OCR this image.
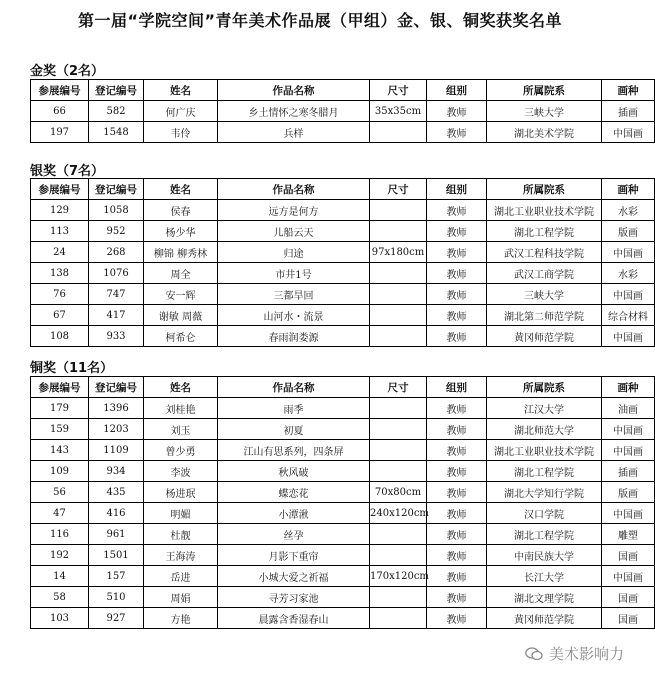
第一届“学院空间”青年美术作品展（甲组）金、银、铜奖获奖名单
金奖（2名）
参展编号	登记编号	姓名	作品名称	尺寸	组别	所属院系	画种
66	582	何广庆	乡土情怀之寒冬腊月	35x35cm	教师	三峡大学	插画
197	1548	韦伶	兵样		教师	湖北美术学院	中国画
银奖（7名）
参展编号	登记编号	姓名	作品名称	尺寸	组别	所属院系	画种
129	1058	侯春	远方是何方		教师	湖北工业职业技术学院	水彩
113	952	杨少华	儿船云天		教师	湖北工程学院	版画
24	268	柳锦 柳秀林	归途	97x180cm	教师	武汉工程科技学院	中国画
138	1076	周全	市井1号		教师	武汉工商学院	水彩
76	747	安一辉	三都旱回		教师	三峡大学	中国画
67	417	谢敏 周薇	山河水・流景		教师	湖北第二师范学院	综合材料
108	933	柯希仑	春雨润娄源		教师	黄冈师范学院	中国画
铜奖（11名）
参展编号	登记编号	姓名	作品名称	尺寸	组别	所属院系	画种
179	1396	刘桂艳	雨季		教师	江汉大学	油画
159	1203	刘玉	初夏		教师	湖北师范大学	中国画
143	1109	曾少勇	江山有思系列，四条屏		教师	湖北工业职业技术学院	中国画
109	934	李波	秋风破		教师	湖北工程学院	插画
56	435	杨进珉	蝶恋花	70x80cm	教师	湖北大学知行学院	版画
47	416	明媚	小潭湫	240x120cm	教师	汉口学院	中国画
116	961	杜靓	丝孕		教师	湖北工程学院	雕塑
192	1501	王海涛	月影下重帘		教师	中南民族大学	国画
14	157	岳进	小城大爱之祈福	170x120cm	教师	长江大学	中国画
58	510	周娟	寻芳习家池		教师	湖北文理学院	国画
103	927	方艳	晨露含香湿春山		教师	黄冈师范学院	国画
美术影响力
